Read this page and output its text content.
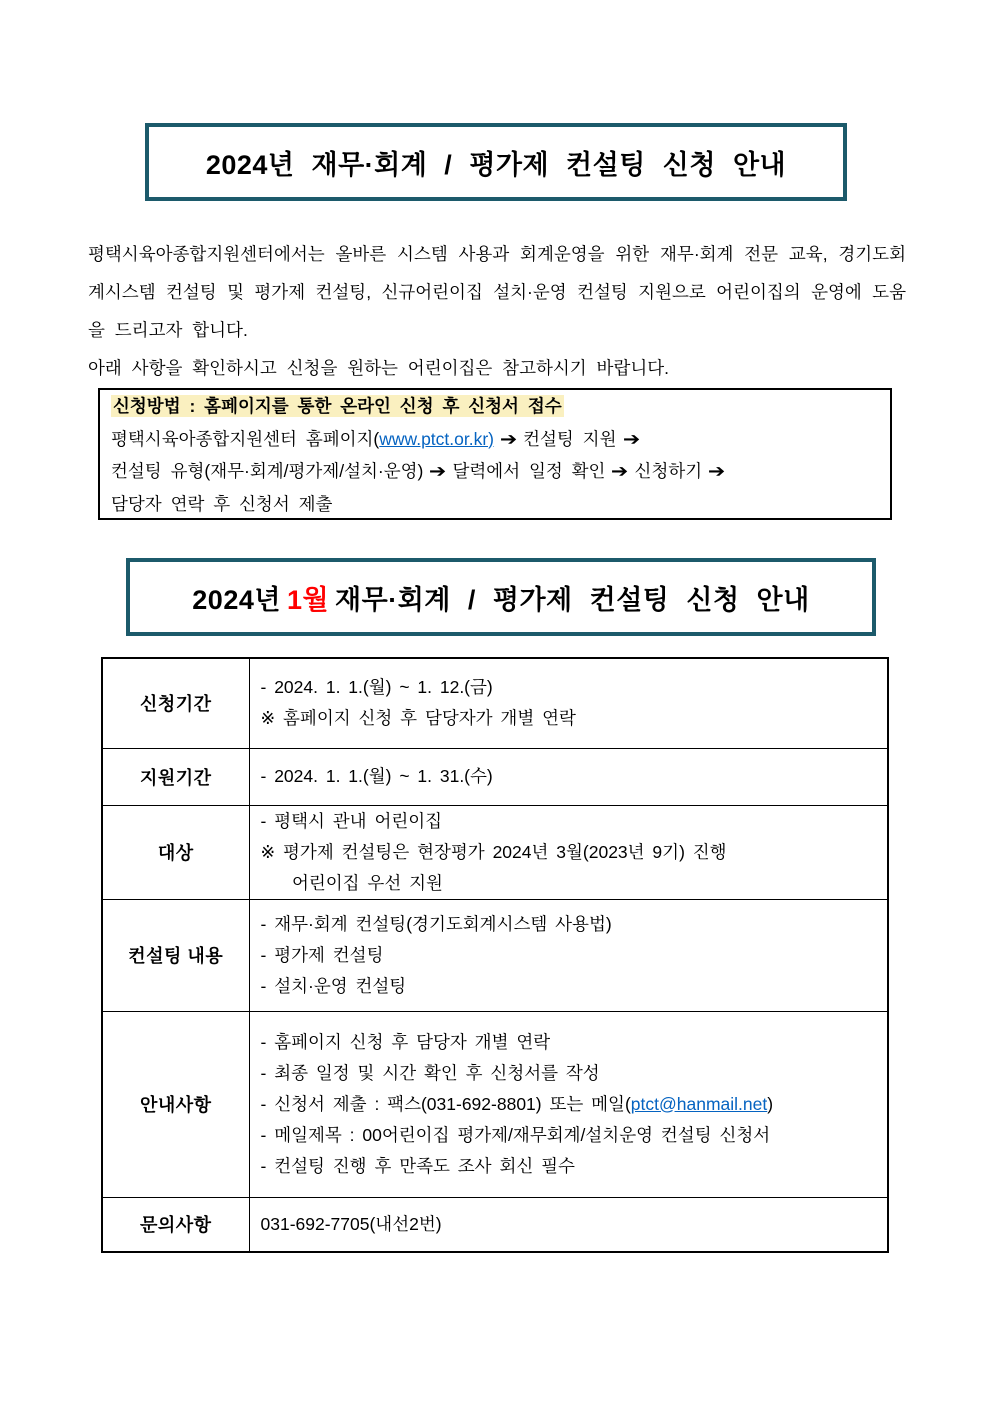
2024년 재무·회계 / 평가제 컨설팅 신청 안내

평택시육아종합지원센터에서는 올바른 시스템 사용과 회계운영을 위한 재무·회계 전문 교육, 경기도회계시스템 컨설팅 및 평가제 컨설팅, 신규어린이집 설치·운영 컨설팅 지원으로 어린이집의 운영에 도움을 드리고자 합니다.

아래 사항을 확인하시고 신청을 원하는 어린이집은 참고하시기 바랍니다.

신청방법 : 홈페이지를 통한 온라인 신청 후 신청서 접수
평택시육아종합지원센터 홈페이지(www.ptct.or.kr) ➔ 컨설팅 지원 ➔
컨설팅 유형(재무·회계/평가제/설치·운영) ➔ 달력에서 일정 확인 ➔ 신청하기 ➔
담당자 연락 후 신청서 제출
2024년 1월 재무·회계 / 평가제 컨설팅 신청 안내
신청기간	- 2024. 1. 1.(월) ~ 1. 12.(금)
※ 홈페이지 신청 후 담당자가 개별 연락

지원기간	- 2024. 1. 1.(월) ~ 1. 31.(수)

대상	- 평택시 관내 어린이집
※ 평가제 컨설팅은 현장평가 2024년 3월(2023년 9기) 진행
어린이집 우선 지원

컨설팅 내용	- 재무·회계 컨설팅(경기도회계시스템 사용법)
- 평가제 컨설팅
- 설치·운영 컨설팅

안내사항	- 홈페이지 신청 후 담당자 개별 연락
- 최종 일정 및 시간 확인 후 신청서를 작성
- 신청서 제출 : 팩스(031-692-8801) 또는 메일(ptct@hanmail.net)
- 메일제목 : 00어린이집 평가제/재무회계/설치운영 컨설팅 신청서
- 컨설팅 진행 후 만족도 조사 회신 필수

문의사항	031-692-7705(내선2번)
